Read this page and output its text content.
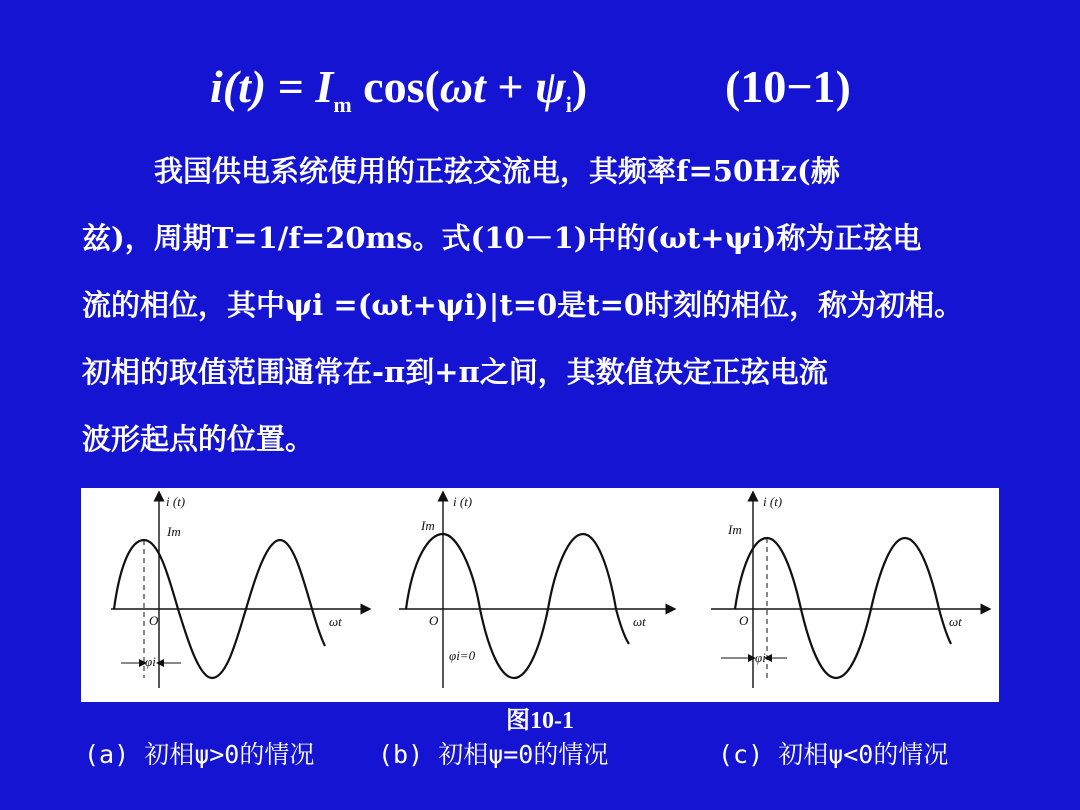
$i(t) = I_m$ $\cos(\omega t + \psi_i)$	(10−1)
我国供电系统使用的正弦交流电，其频率f=50Hz(赫
兹)，周期T=1/f=20ms。式(10－1)中的(ωt+ψi)称为正弦电
流的相位，其中ψi =(ωt+ψi)|t=0是t=0时刻的相位，称为初相。
初相的取值范围通常在-π到+π之间，其数值决定正弦电流
波形起点的位置。
i (t)
Im
O	ωt
φi
i (t)
Im
O	ωt
φi=0
i (t)
Im
O	ωt
φi
图10-1
(a) 初相ψ>0的情况	(b) 初相ψ=0的情况	(c) 初相ψ<0的情况
